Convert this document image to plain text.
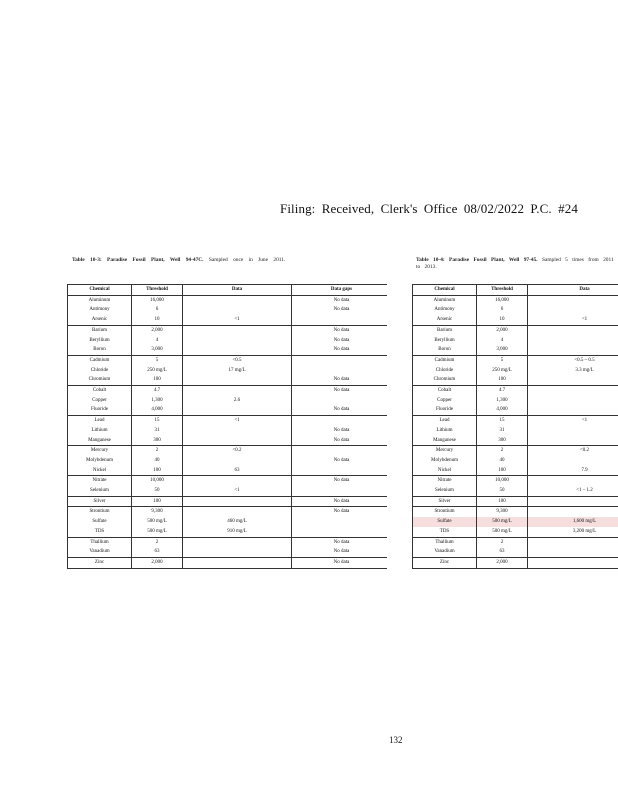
Filing: Received, Clerk's Office 08/02/2022 P.C. #24
Table 10-3: Paradise Fossil Plant, Well 94-47C. Sampled once in June 2011.
Chemical	Threshold	Data	Data gaps
Aluminum	16,000		No data
Antimony	6		No data
Arsenic	10	<1	
Barium	2,000		No data
Beryllium	4		No data
Boron	3,000		No data
Cadmium	5	<0.5	
Chloride	250 mg/L	17 mg/L	
Chromium	100		No data
Cobalt	4.7		No data
Copper	1,300	2.6	
Fluoride	4,000		No data
Lead	15	<1	
Lithium	31		No data
Manganese	300		No data
Mercury	2	<0.2	
Molybdenum	40		No data
Nickel	100	63	
Nitrate	10,000		No data
Selenium	50	<1	
Silver	100		No data
Strontium	9,300		No data
Sulfate	500 mg/L	460 mg/L	
TDS	500 mg/L	910 mg/L	
Thallium	2		No data
Vanadium	63		No data
Zinc	2,000		No data
Table 10-4: Paradise Fossil Plant, Well 97-45. Sampled 5 times from 2011 to 2013.
Chemical	Threshold	Data
Aluminum	16,000	
Antimony	6	
Arsenic	10	<1
Barium	2,000	
Beryllium	4	
Boron	3,000	
Cadmium	5	<0.5 – 0.5
Chloride	250 mg/L	3.3 mg/L
Chromium	100	
Cobalt	4.7	
Copper	1,300	
Fluoride	4,000	
Lead	15	<1
Lithium	31	
Manganese	300	
Mercury	2	<0.2
Molybdenum	40	
Nickel	100	7.9
Nitrate	10,000	
Selenium	50	<1 – 1.2
Silver	100	
Strontium	9,300	
Sulfate	500 mg/L	1,600 mg/L
TDS	500 mg/L	3,200 mg/L
Thallium	2	
Vanadium	63	
Zinc	2,000	
132
